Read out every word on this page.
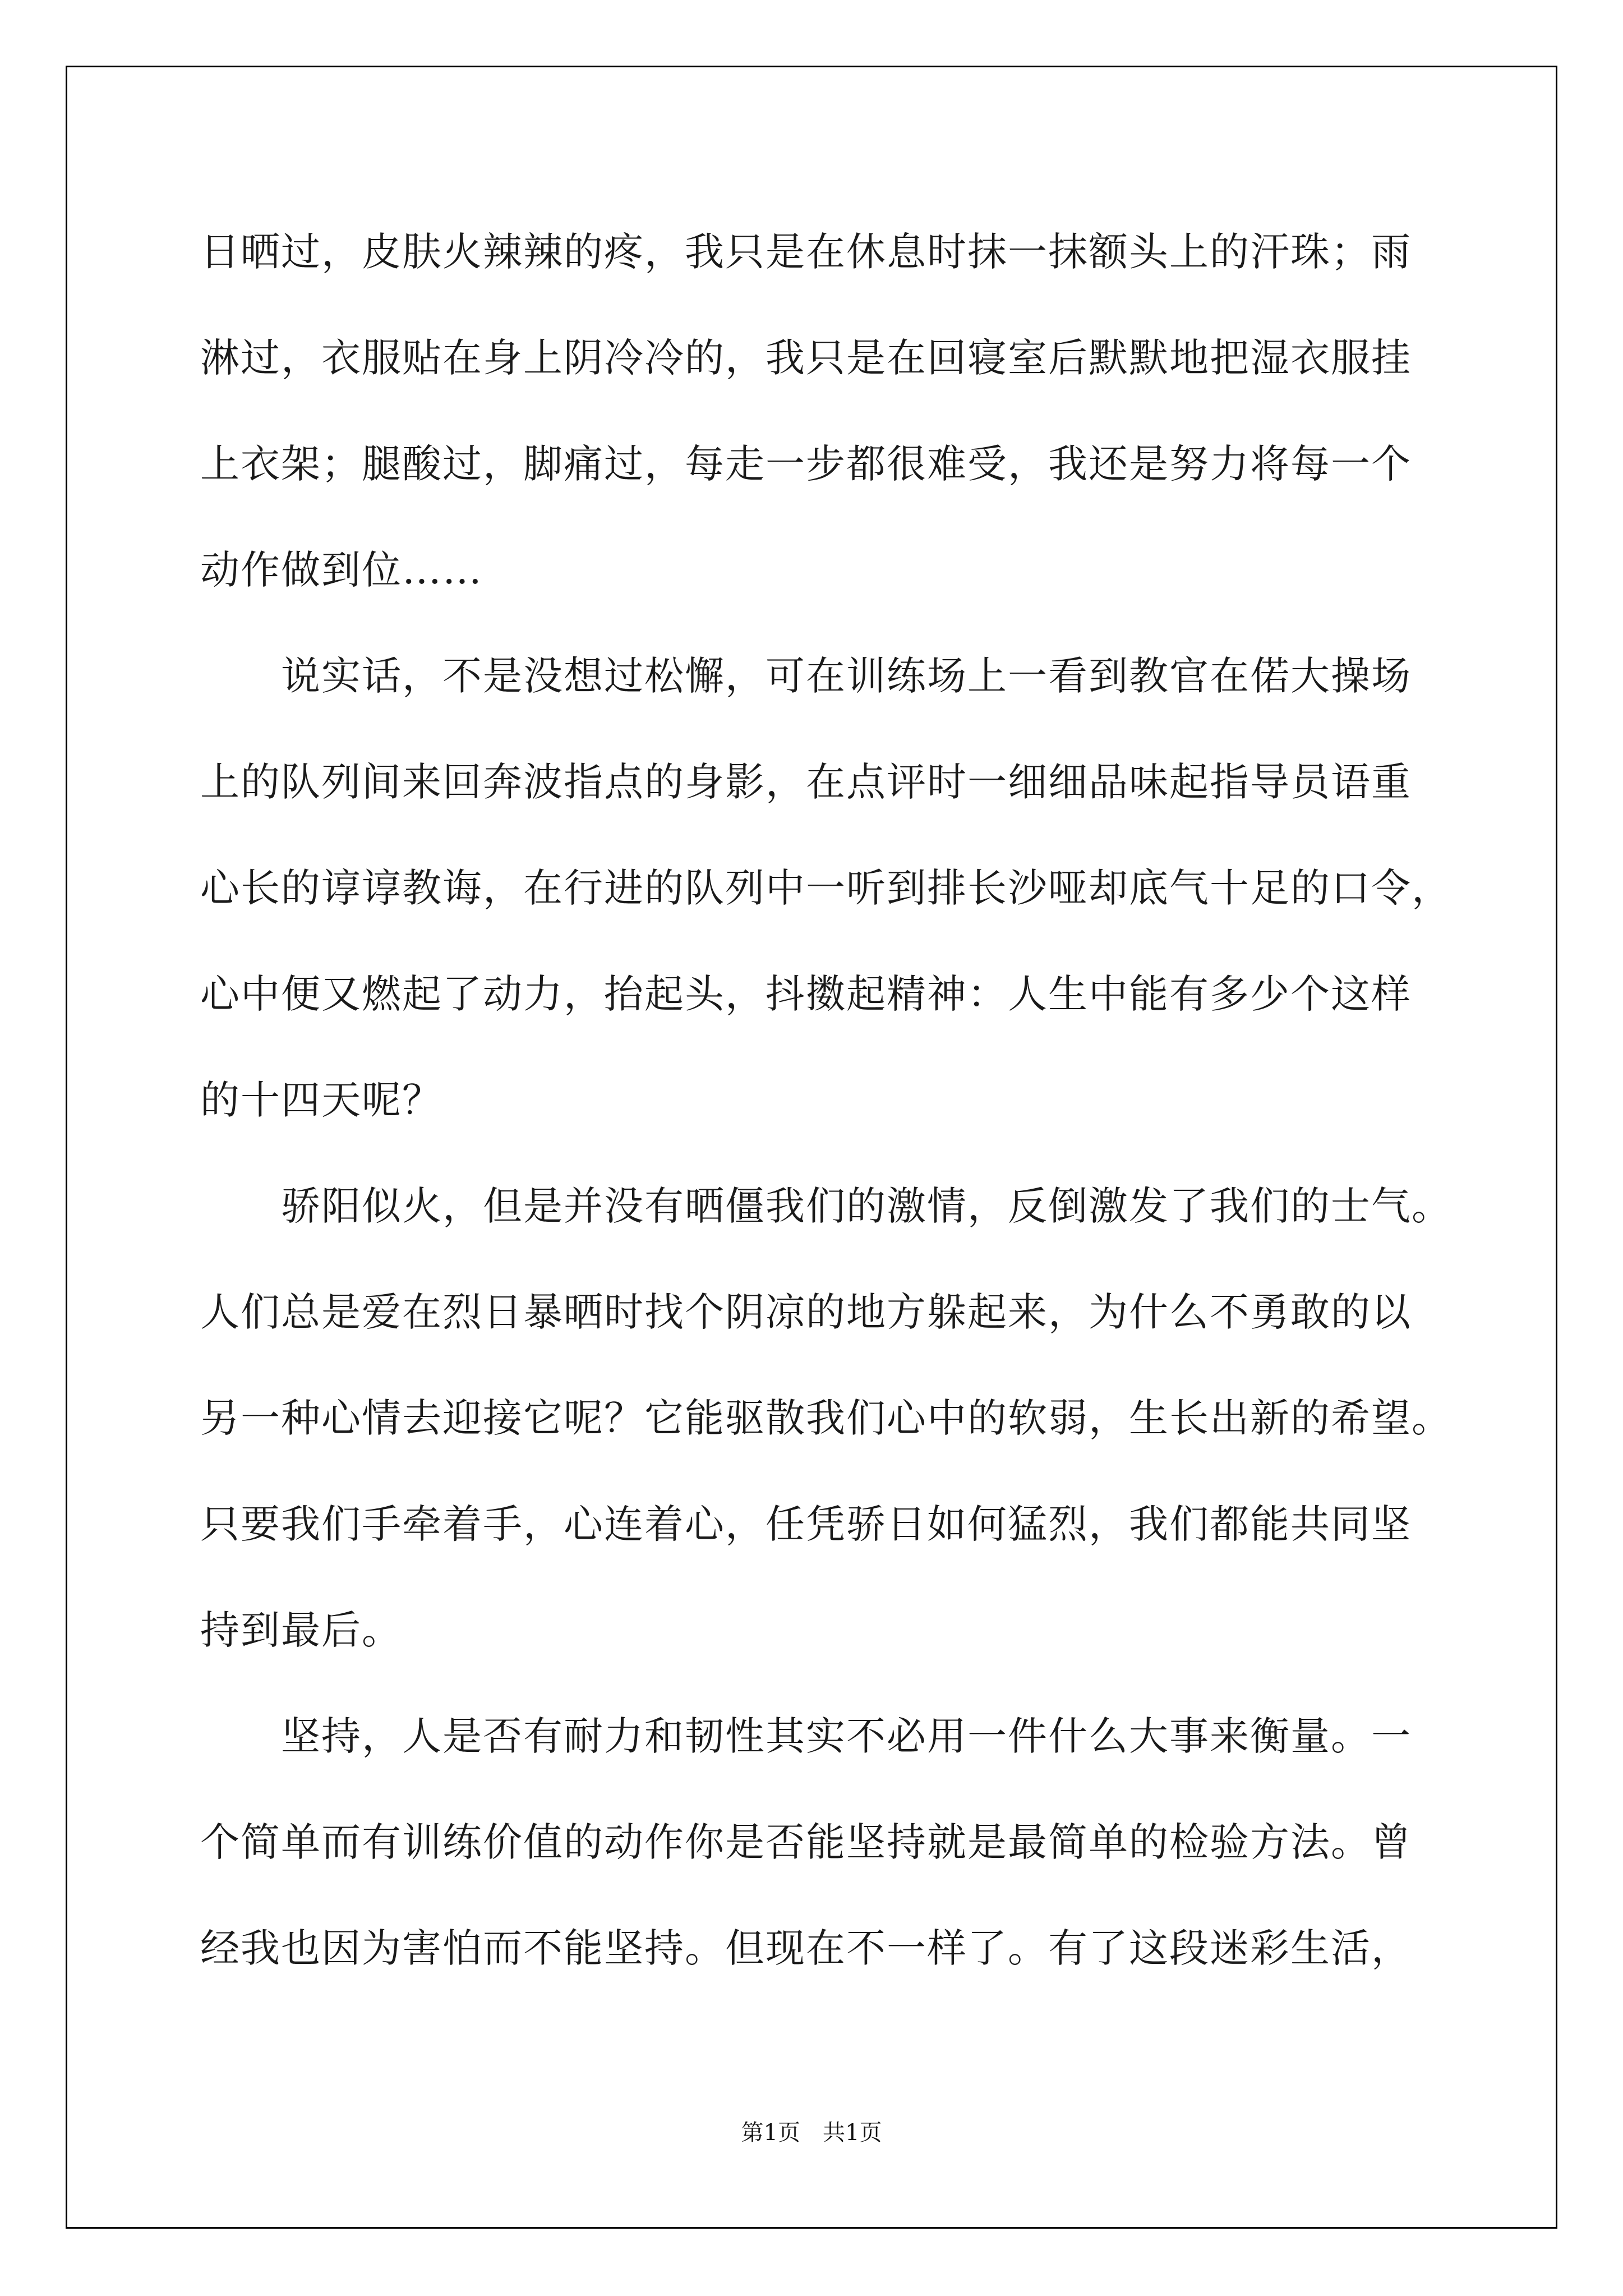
日晒过，皮肤火辣辣的疼，我只是在休息时抹一抹额头上的汗珠；雨
淋过，衣服贴在身上阴冷冷的，我只是在回寝室后默默地把湿衣服挂
上衣架；腿酸过，脚痛过，每走一步都很难受，我还是努力将每一个
动作做到位……
　　说实话，不是没想过松懈，可在训练场上一看到教官在偌大操场
上的队列间来回奔波指点的身影，在点评时一细细品味起指导员语重
心长的谆谆教诲，在行进的队列中一听到排长沙哑却底气十足的口令，
心中便又燃起了动力，抬起头，抖擞起精神：人生中能有多少个这样
的十四天呢？
　　骄阳似火，但是并没有晒僵我们的激情，反倒激发了我们的士气。
人们总是爱在烈日暴晒时找个阴凉的地方躲起来，为什么不勇敢的以
另一种心情去迎接它呢？它能驱散我们心中的软弱，生长出新的希望。
只要我们手牵着手，心连着心，任凭骄日如何猛烈，我们都能共同坚
持到最后。
　　坚持，人是否有耐力和韧性其实不必用一件什么大事来衡量。一
个简单而有训练价值的动作你是否能坚持就是最简单的检验方法。曾
经我也因为害怕而不能坚持。但现在不一样了。有了这段迷彩生活，
第1页　共1页
